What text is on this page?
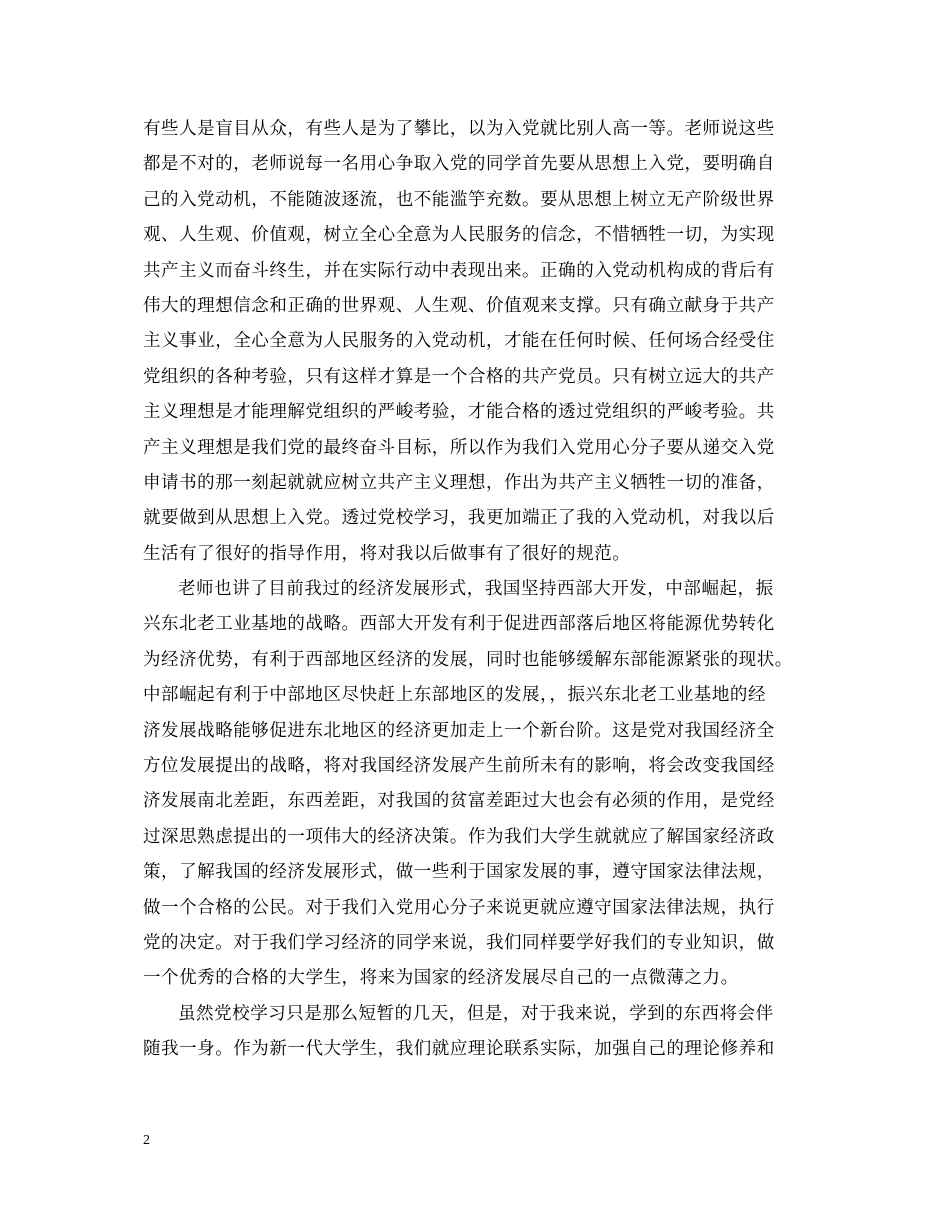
有些人是盲目从众，有些人是为了攀比，以为入党就比别人高一等。老师说这些
都是不对的，老师说每一名用心争取入党的同学首先要从思想上入党，要明确自
己的入党动机，不能随波逐流，也不能滥竽充数。要从思想上树立无产阶级世界
观、人生观、价值观，树立全心全意为人民服务的信念，不惜牺牲一切，为实现
共产主义而奋斗终生，并在实际行动中表现出来。正确的入党动机构成的背后有
伟大的理想信念和正确的世界观、人生观、价值观来支撑。只有确立献身于共产
主义事业，全心全意为人民服务的入党动机，才能在任何时候、任何场合经受住
党组织的各种考验，只有这样才算是一个合格的共产党员。只有树立远大的共产
主义理想是才能理解党组织的严峻考验，才能合格的透过党组织的严峻考验。共
产主义理想是我们党的最终奋斗目标，所以作为我们入党用心分子要从递交入党
申请书的那一刻起就就应树立共产主义理想，作出为共产主义牺牲一切的准备，
就要做到从思想上入党。透过党校学习，我更加端正了我的入党动机，对我以后
生活有了很好的指导作用，将对我以后做事有了很好的规范。
老师也讲了目前我过的经济发展形式，我国坚持西部大开发，中部崛起，振
兴东北老工业基地的战略。西部大开发有利于促进西部落后地区将能源优势转化
为经济优势，有利于西部地区经济的发展，同时也能够缓解东部能源紧张的现状。
中部崛起有利于中部地区尽快赶上东部地区的发展，，振兴东北老工业基地的经
济发展战略能够促进东北地区的经济更加走上一个新台阶。这是党对我国经济全
方位发展提出的战略，将对我国经济发展产生前所未有的影响，将会改变我国经
济发展南北差距，东西差距，对我国的贫富差距过大也会有必须的作用，是党经
过深思熟虑提出的一项伟大的经济决策。作为我们大学生就就应了解国家经济政
策，了解我国的经济发展形式，做一些利于国家发展的事，遵守国家法律法规，
做一个合格的公民。对于我们入党用心分子来说更就应遵守国家法律法规，执行
党的决定。对于我们学习经济的同学来说，我们同样要学好我们的专业知识，做
一个优秀的合格的大学生，将来为国家的经济发展尽自己的一点微薄之力。
虽然党校学习只是那么短暂的几天，但是，对于我来说，学到的东西将会伴
随我一身。作为新一代大学生，我们就应理论联系实际，加强自己的理论修养和
2
